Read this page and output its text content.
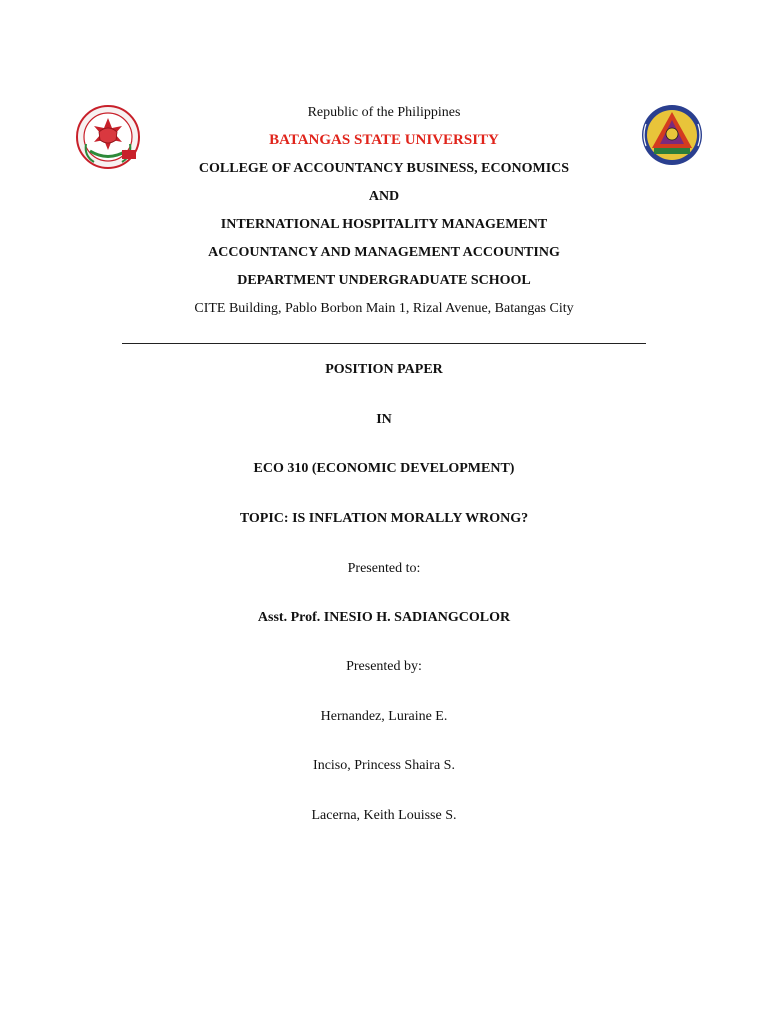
Republic of the Philippines
BATANGAS STATE UNIVERSITY
COLLEGE OF ACCOUNTANCY BUSINESS, ECONOMICS
AND
INTERNATIONAL HOSPITALITY MANAGEMENT
ACCOUNTANCY AND MANAGEMENT ACCOUNTING
DEPARTMENT UNDERGRADUATE SCHOOL
CITE Building, Pablo Borbon Main 1, Rizal Avenue, Batangas City
POSITION PAPER
IN
ECO 310 (ECONOMIC DEVELOPMENT)
TOPIC: IS INFLATION MORALLY WRONG?
Presented to:
Asst. Prof. INESIO H. SADIANGCOLOR
Presented by:
Hernandez, Luraine E.
Inciso, Princess Shaira S.
Lacerna, Keith Louisse S.
